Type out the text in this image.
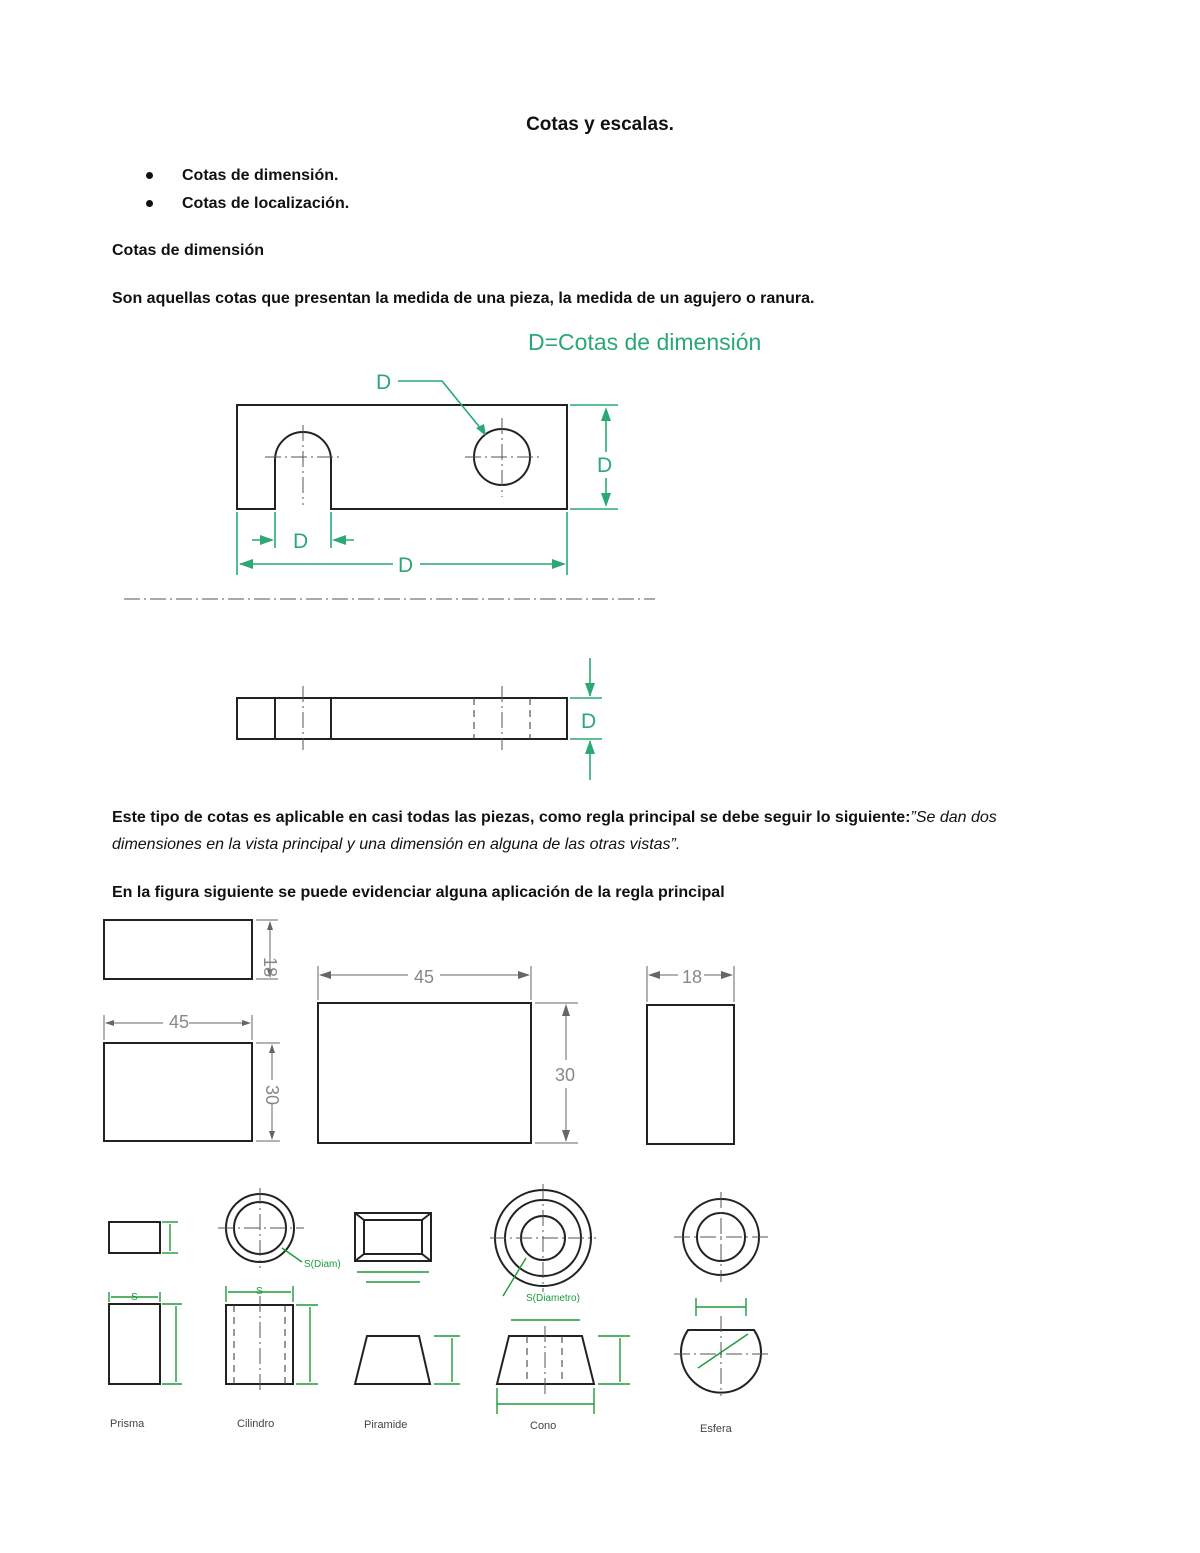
Cotas y escalas.
Cotas de dimensión.
Cotas de localización.

Cotas de dimensión

Son aquellas cotas que presentan la medida de una pieza, la medida de un agujero o ranura.

D=Cotas de dimensión
D
D
D
D
D

Este tipo de cotas es aplicable en casi todas las piezas, como regla principal se debe seguir lo siguiente:”Se dan dos dimensiones en la vista principal y una dimensión en alguna de las otras vistas”.

En la figura siguiente se puede evidenciar alguna aplicación de la regla principal

18
45
30
45
30
18
S
Prisma
S(Diam)
S
Cilindro	Piramide
S(Diametro)
Cono	Esfera
